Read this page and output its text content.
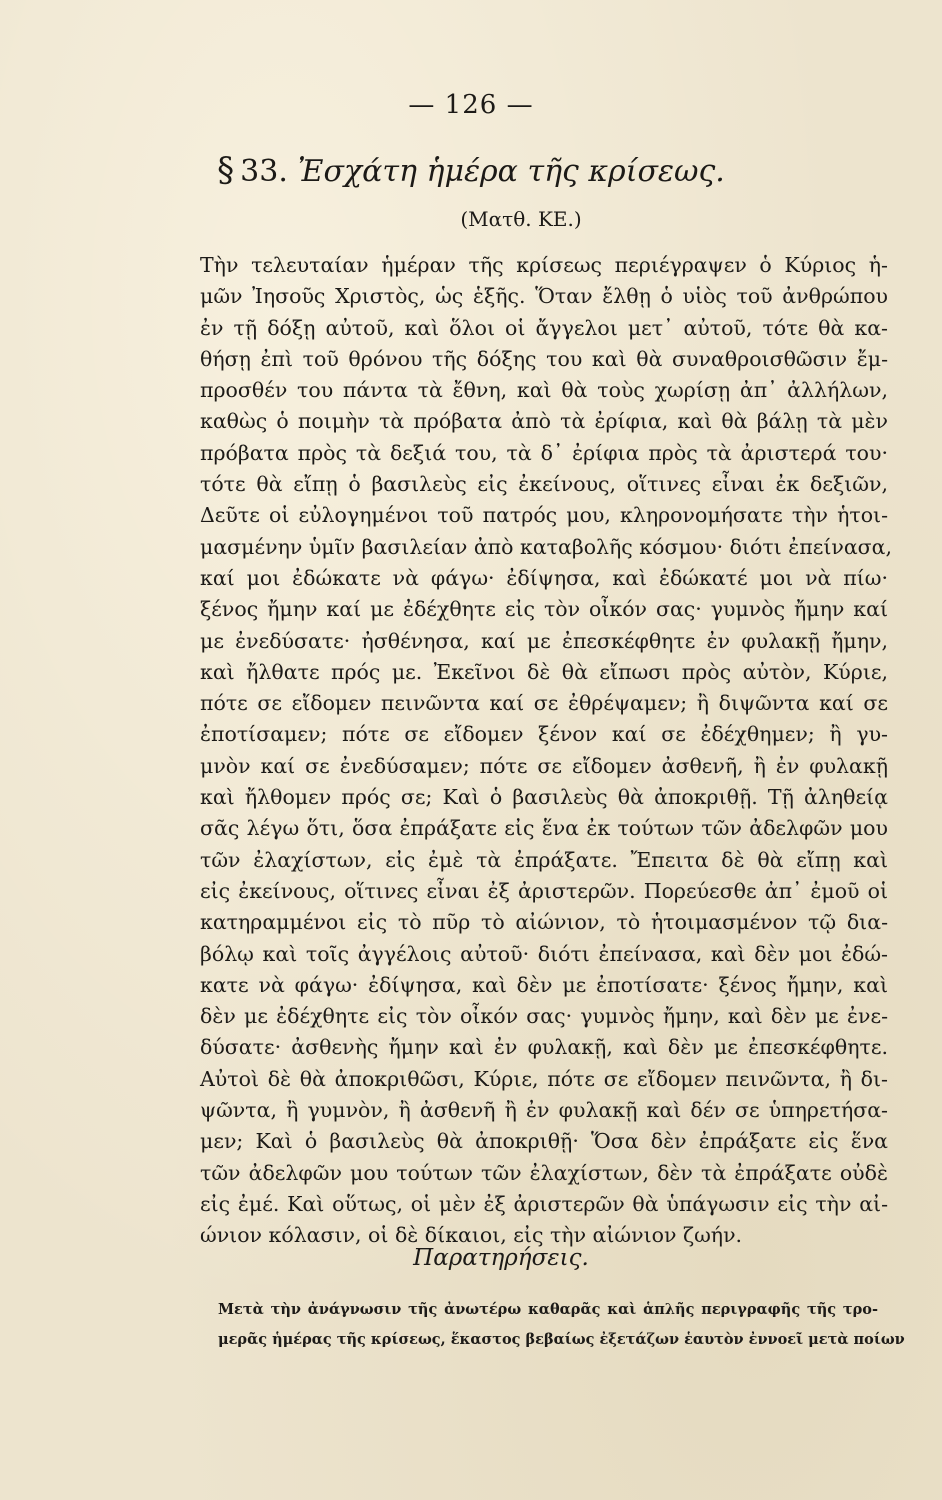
— 126 —
§ 33. Ἐσχάτη ἡμέρα τῆς κρίσεως.
(Ματθ. ΚΕ.)
Τὴν τελευταίαν ἡμέραν τῆς κρίσεως περιέγραψεν ὁ Κύριος ἡ-
μῶν Ἰησοῦς Χριστὸς, ὡς ἑξῆς. Ὅταν ἔλθῃ ὁ υἱὸς τοῦ ἀνθρώπου
ἐν τῇ δόξῃ αὐτοῦ, καὶ ὅλοι οἱ ἄγγελοι μετ᾽ αὐτοῦ, τότε θὰ κα-
θήσῃ ἐπὶ τοῦ θρόνου τῆς δόξης του καὶ θὰ συναθροισθῶσιν ἔμ-
προσθέν του πάντα τὰ ἔθνη, καὶ θὰ τοὺς χωρίσῃ ἀπ᾽ ἀλλήλων,
καθὼς ὁ ποιμὴν τὰ πρόβατα ἀπὸ τὰ ἐρίφια, καὶ θὰ βάλῃ τὰ μὲν
πρόβατα πρὸς τὰ δεξιά του, τὰ δ᾽ ἐρίφια πρὸς τὰ ἀριστερά του·
τότε θὰ εἴπῃ ὁ βασιλεὺς εἰς ἐκείνους, οἵτινες εἶναι ἐκ δεξιῶν,
Δεῦτε οἱ εὐλογημένοι τοῦ πατρός μου, κληρονομήσατε τὴν ἡτοι-
μασμένην ὑμῖν βασιλείαν ἀπὸ καταβολῆς κόσμου· διότι ἐπείνασα,
καί μοι ἐδώκατε νὰ φάγω· ἐδίψησα, καὶ ἐδώκατέ μοι νὰ πίω·
ξένος ἤμην καί με ἐδέχθητε εἰς τὸν οἶκόν σας· γυμνὸς ἤμην καί
με ἐνεδύσατε· ἠσθένησα, καί με ἐπεσκέφθητε ἐν φυλακῇ ἤμην,
καὶ ἤλθατε πρός με. Ἐκεῖνοι δὲ θὰ εἴπωσι πρὸς αὐτὸν, Κύριε,
πότε σε εἴδομεν πεινῶντα καί σε ἐθρέψαμεν; ἢ διψῶντα καί σε
ἐποτίσαμεν; πότε σε εἴδομεν ξένον καί σε ἐδέχθημεν; ἢ γυ-
μνὸν καί σε ἐνεδύσαμεν; πότε σε εἴδομεν ἀσθενῆ, ἢ ἐν φυλακῇ
καὶ ἤλθομεν πρός σε; Καὶ ὁ βασιλεὺς θὰ ἀποκριθῇ. Τῇ ἀληθείᾳ
σᾶς λέγω ὅτι, ὅσα ἐπράξατε εἰς ἕνα ἐκ τούτων τῶν ἀδελφῶν μου
τῶν ἐλαχίστων, εἰς ἐμὲ τὰ ἐπράξατε. Ἔπειτα δὲ θὰ εἴπῃ καὶ
εἰς ἐκείνους, οἵτινες εἶναι ἐξ ἀριστερῶν. Πορεύεσθε ἀπ᾽ ἐμοῦ οἱ
κατηραμμένοι εἰς τὸ πῦρ τὸ αἰώνιον, τὸ ἡτοιμασμένον τῷ δια-
βόλῳ καὶ τοῖς ἀγγέλοις αὐτοῦ· διότι ἐπείνασα, καὶ δὲν μοι ἐδώ-
κατε νὰ φάγω· ἐδίψησα, καὶ δὲν με ἐποτίσατε· ξένος ἤμην, καὶ
δὲν με ἐδέχθητε εἰς τὸν οἶκόν σας· γυμνὸς ἤμην, καὶ δὲν με ἐνε-
δύσατε· ἀσθενὴς ἤμην καὶ ἐν φυλακῇ, καὶ δὲν με ἐπεσκέφθητε.
Αὐτοὶ δὲ θὰ ἀποκριθῶσι, Κύριε, πότε σε εἴδομεν πεινῶντα, ἢ δι-
ψῶντα, ἢ γυμνὸν, ἢ ἀσθενῆ ἢ ἐν φυλακῇ καὶ δέν σε ὑπηρετήσα-
μεν; Καὶ ὁ βασιλεὺς θὰ ἀποκριθῇ· Ὅσα δὲν ἐπράξατε εἰς ἕνα
τῶν ἀδελφῶν μου τούτων τῶν ἐλαχίστων, δὲν τὰ ἐπράξατε οὐδὲ
εἰς ἐμέ. Καὶ οὕτως, οἱ μὲν ἐξ ἀριστερῶν θὰ ὑπάγωσιν εἰς τὴν αἰ-
ώνιον κόλασιν, οἱ δὲ δίκαιοι, εἰς τὴν αἰώνιον ζωήν.
Παρατηρήσεις.
Μετὰ τὴν ἀνάγνωσιν τῆς ἀνωτέρω καθαρᾶς καὶ ἁπλῆς περιγραφῆς τῆς τρο-
μερᾶς ἡμέρας τῆς κρίσεως, ἕκαστος βεβαίως ἐξετάζων ἑαυτὸν ἐννοεῖ μετὰ ποίων
